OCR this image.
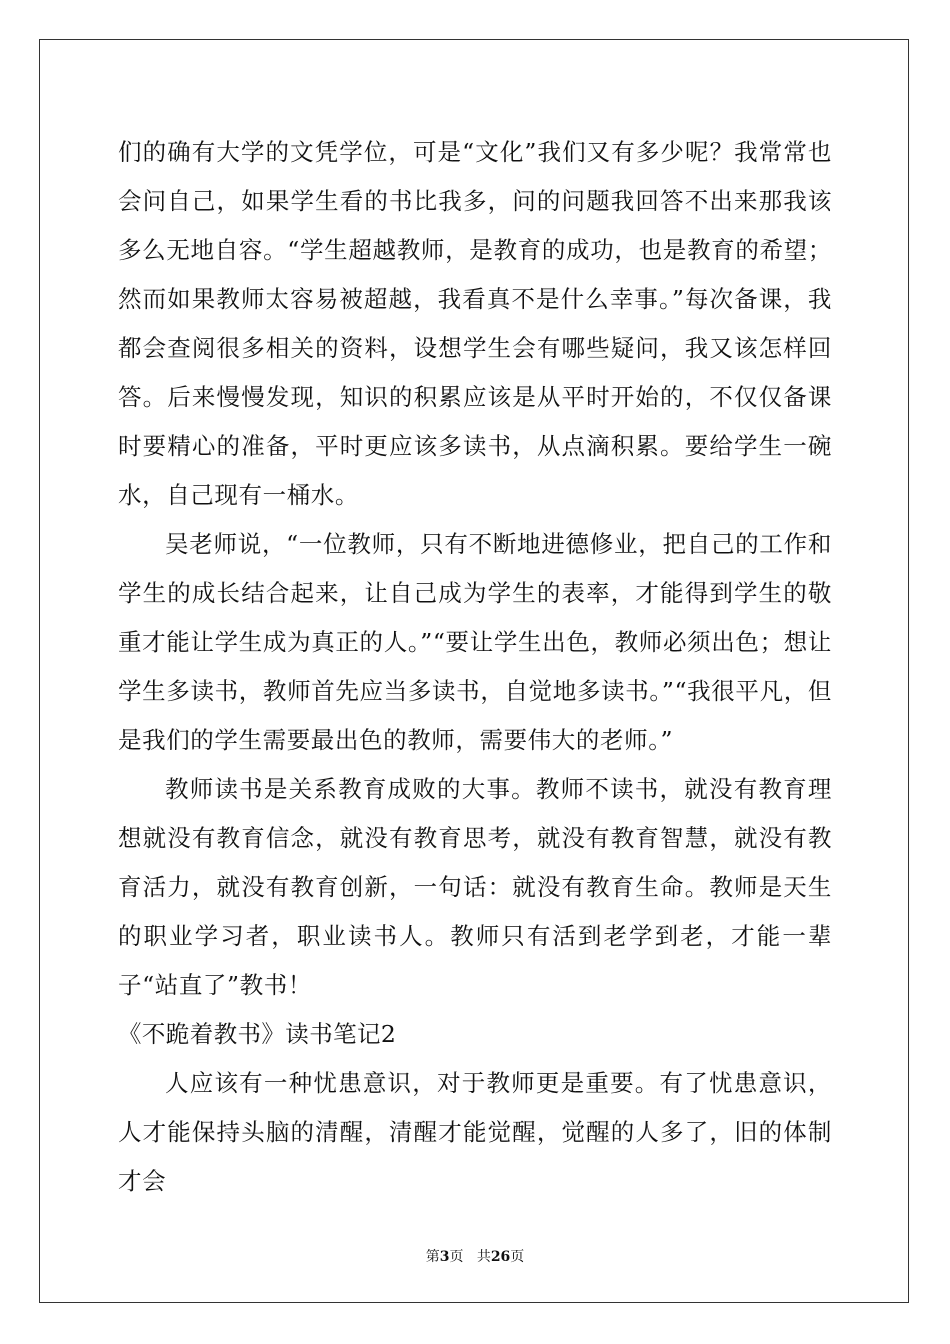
们的确有大学的文凭学位，可是“文化”我们又有多少呢？我常常也会问自己，如果学生看的书比我多，问的问题我回答不出来那我该多么无地自容。“学生超越教师，是教育的成功，也是教育的希望；然而如果教师太容易被超越，我看真不是什么幸事。”每次备课，我都会查阅很多相关的资料，设想学生会有哪些疑问，我又该怎样回答。后来慢慢发现，知识的积累应该是从平时开始的，不仅仅备课时要精心的准备，平时更应该多读书，从点滴积累。要给学生一碗水，自己现有一桶水。

吴老师说，“一位教师，只有不断地进德修业，把自己的工作和学生的成长结合起来，让自己成为学生的表率，才能得到学生的敬重才能让学生成为真正的人。”“要让学生出色，教师必须出色；想让学生多读书，教师首先应当多读书，自觉地多读书。”“我很平凡，但是我们的学生需要最出色的教师，需要伟大的老师。”

教师读书是关系教育成败的大事。教师不读书，就没有教育理想就没有教育信念，就没有教育思考，就没有教育智慧，就没有教育活力，就没有教育创新，一句话：就没有教育生命。教师是天生的职业学习者，职业读书人。教师只有活到老学到老，才能一辈子“站直了”教书！

《不跪着教书》读书笔记2

人应该有一种忧患意识，对于教师更是重要。有了忧患意识，人才能保持头脑的清醒，清醒才能觉醒，觉醒的人多了，旧的体制才会

第3页 共26页
